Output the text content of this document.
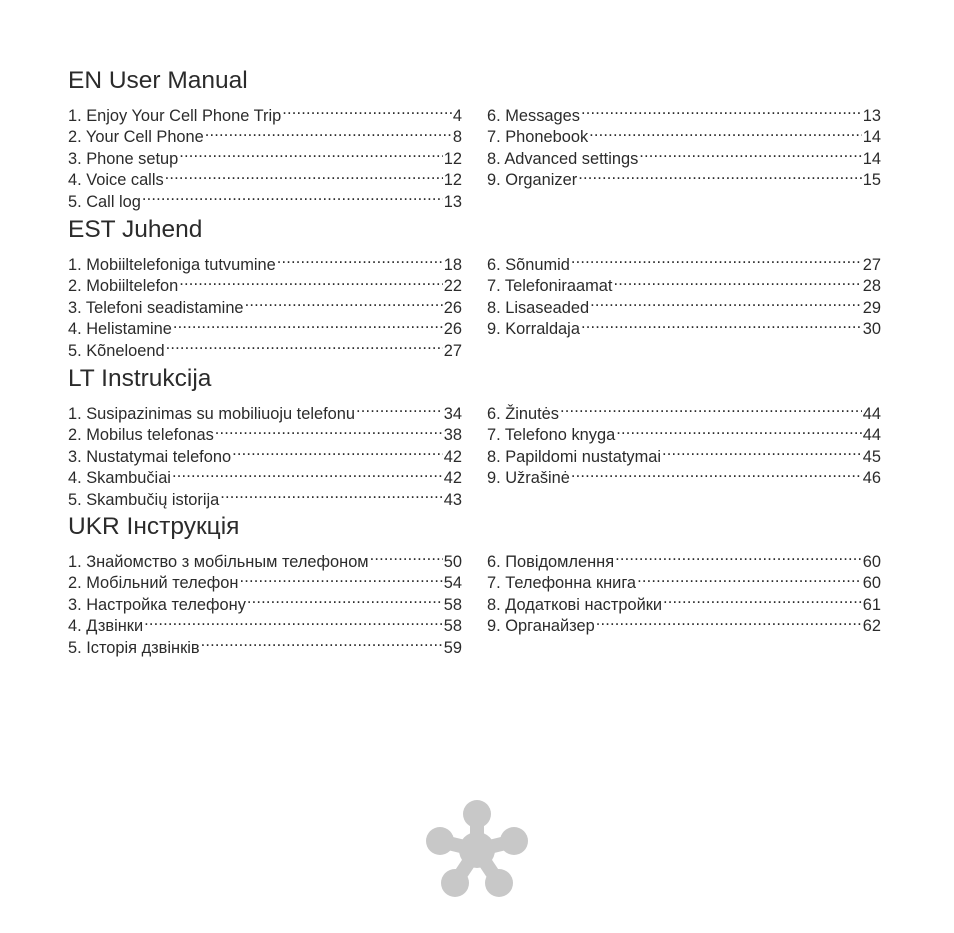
EN User Manual
1. Enjoy Your Cell Phone Trip .....	4
2. Your Cell Phone .....	8
3. Phone setup .....	12
4. Voice calls .....	12
5. Call log .....	13
6. Messages .....	13
7. Phonebook .....	14
8. Advanced settings .....	14
9. Organizer .....	15
EST Juhend
1. Mobiiltelefoniga tutvumine .....	18
2. Mobiiltelefon .....	22
3. Telefoni seadistamine .....	26
4. Helistamine .....	26
5. Kõneloend .....	27
6. Sõnumid .....	27
7. Telefoniraamat .....	28
8. Lisaseaded .....	29
9. Korraldaja .....	30
LT Instrukcija
1. Susipazinimas su mobiliuoju telefonu .....	34
2. Mobilus telefonas .....	38
3. Nustatymai telefono .....	42
4. Skambučiai .....	42
5. Skambučių istorija .....	43
6. Žinutės .....	44
7. Telefono knyga .....	44
8. Papildomi nustatymai .....	45
9. Užrašinė .....	46
UKR Інструкція
1. Знайомство з мобільным телефоном .....	50
2. Мобільний телефон .....	54
3. Настройка телефону .....	58
4. Дзвінки .....	58
5. Історія дзвінків .....	59
6. Повідомлення .....	60
7. Телефонна книга .....	60
8. Додаткові настройки .....	61
9. Органайзер .....	62
